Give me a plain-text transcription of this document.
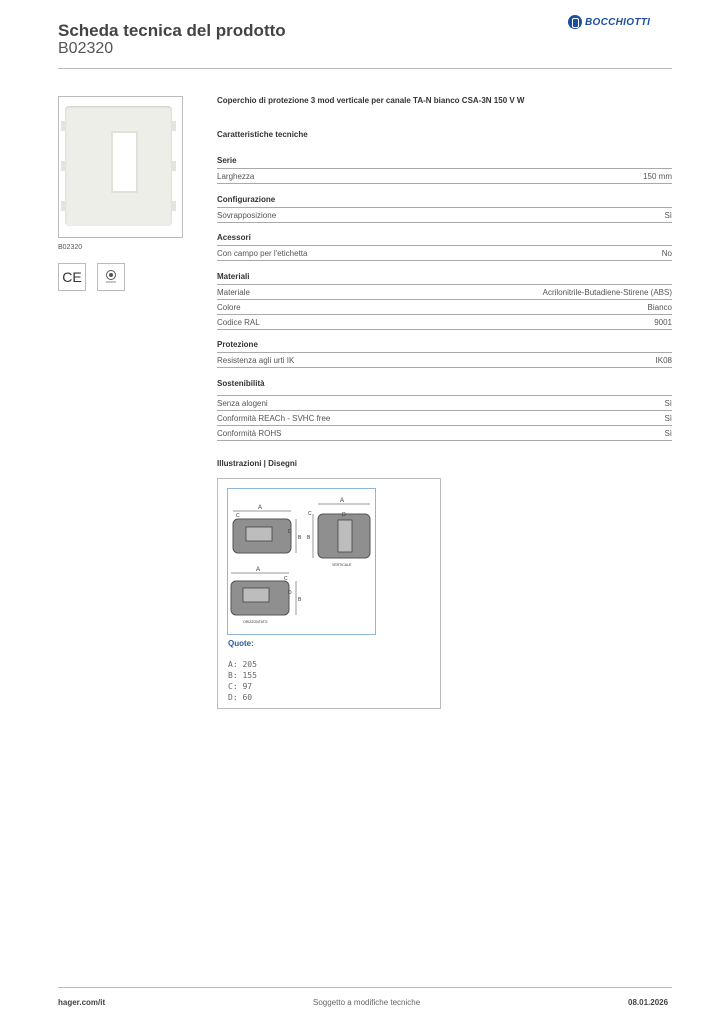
Scheda tecnica del prodotto
B02320
BOCCHIOTTI
B02320
CE
Coperchio di protezione 3 mod verticale per canale TA-N bianco CSA-3N 150 V W
Caratteristiche tecniche
Serie
Larghezza	150 mm
Configurazione
Sovrapposizione	Sì
Acessori
Con campo per l'etichetta	No
Materiali
Materiale	Acrilonitrile-Butadiene-Stirene (ABS)
Colore	Bianco
Codice RAL	9001
Protezione
Resistenza agli urti IK	IK08
Sostenibilità
Senza alogeni	Sì
Conformità REACh - SVHC free	Sì
Conformità ROHS	Sì
Illustrazioni | Disegni
A
C
B
D
A
D
B
C
VERTICALE
A
C
B
D
ORIZZONTATO
Quote:
A: 205
B: 155
C: 97
D: 60
hager.com/it	Soggetto a modifiche tecniche	08.01.2026
